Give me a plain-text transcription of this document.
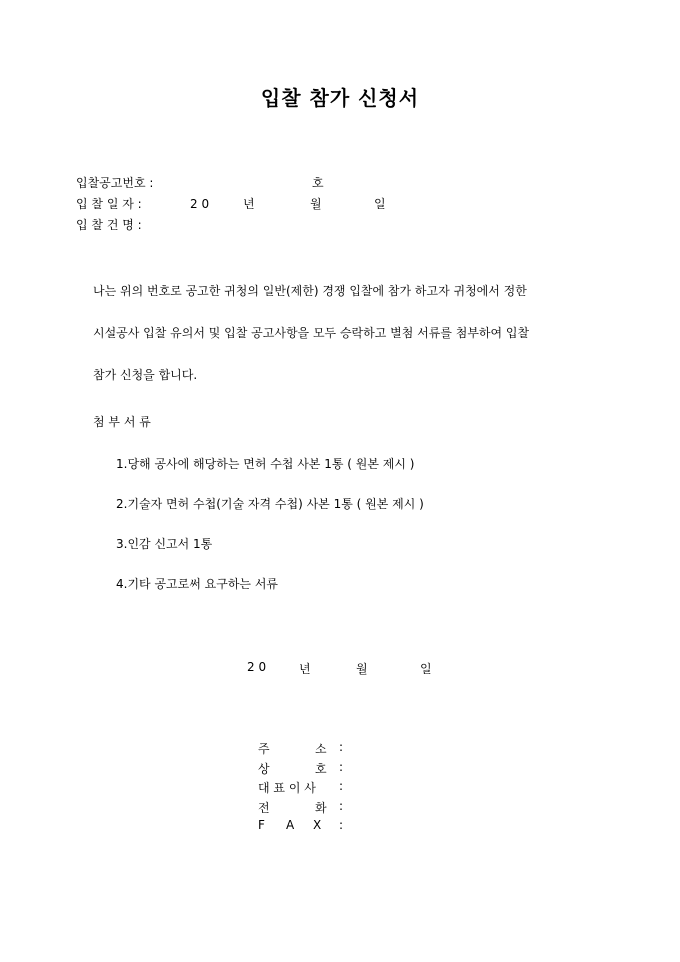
입찰 참가 신청서
입찰공고번호 :	호
입 찰 일 자 :	2 0	년	월	일
입 찰 건 명 :
나는 위의 번호로 공고한 귀청의 일반(제한) 경쟁 입찰에 참가 하고자 귀청에서 정한
시설공사 입찰 유의서 및 입찰 공고사항을 모두 승락하고 별첨 서류를 첨부하여 입찰
참가 신청을 합니다.
첨 부 서 류
1.당해 공사에 해당하는 면허 수첩 사본 1통 ( 원본 제시 )
2.기술자 면허 수첩(기술 자격 수첩) 사본 1통 ( 원본 제시 )
3.인감 신고서 1통
4.기타 공고로써 요구하는 서류
2 0	년	월	일
주	소 :
상	호 :
대 표 이 사 :
전	화 :
F A X :
